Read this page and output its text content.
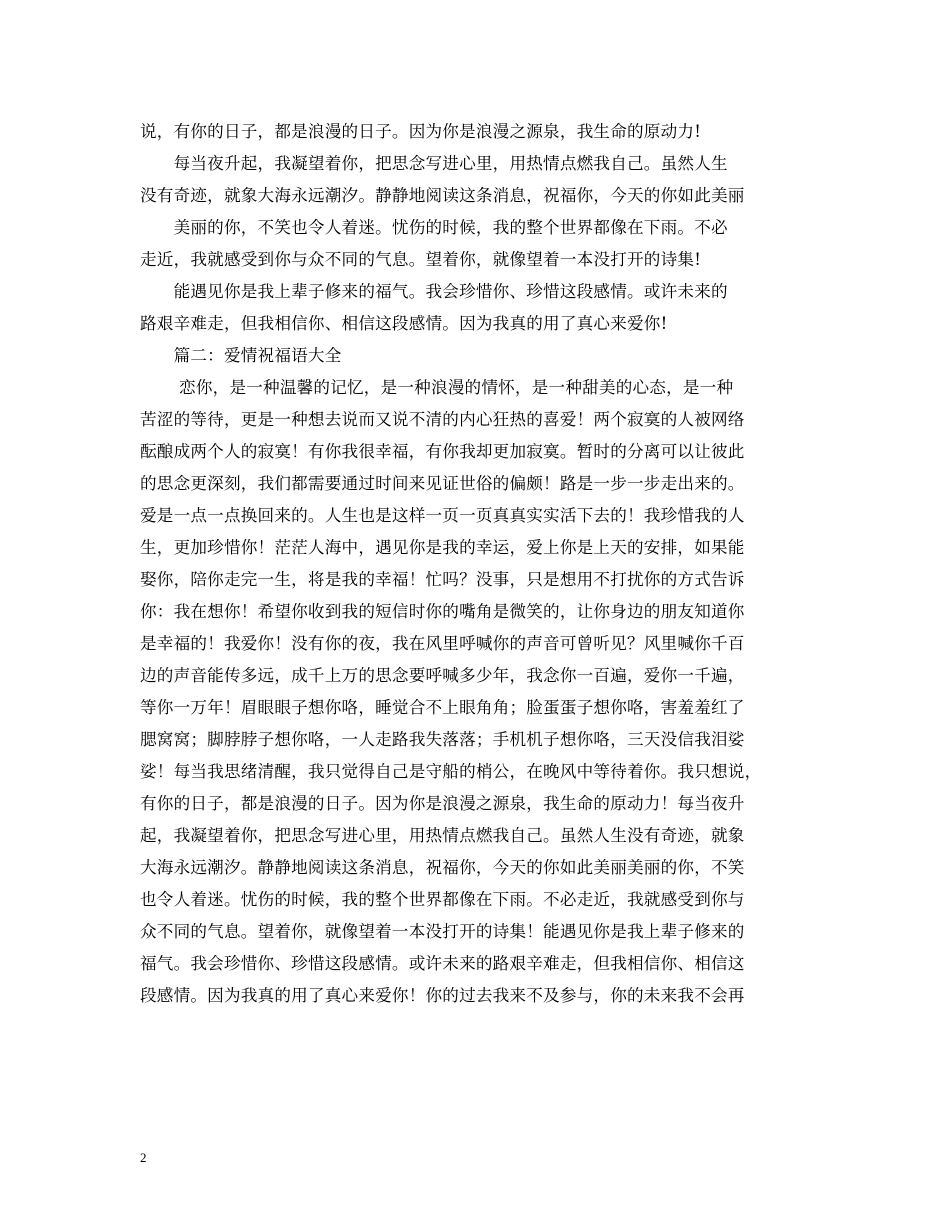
说，有你的日子，都是浪漫的日子。因为你是浪漫之源泉，我生命的原动力!
　　每当夜升起，我凝望着你，把思念写进心里，用热情点燃我自己。虽然人生
没有奇迹，就象大海永远潮汐。静静地阅读这条消息，祝福你，今天的你如此美丽
　　美丽的你，不笑也令人着迷。忧伤的时候，我的整个世界都像在下雨。不必
走近，我就感受到你与众不同的气息。望着你，就像望着一本没打开的诗集!
　　能遇见你是我上辈子修来的福气。我会珍惜你、珍惜这段感情。或许未来的
路艰辛难走，但我相信你、相信这段感情。因为我真的用了真心来爱你!
　　篇二：爱情祝福语大全
　　 恋你，是一种温馨的记忆，是一种浪漫的情怀，是一种甜美的心态，是一种
苦涩的等待，更是一种想去说而又说不清的内心狂热的喜爱！两个寂寞的人被网络
酝酿成两个人的寂寞！有你我很幸福，有你我却更加寂寞。暂时的分离可以让彼此
的思念更深刻，我们都需要通过时间来见证世俗的偏颇！路是一步一步走出来的。
爱是一点一点换回来的。人生也是这样一页一页真真实实活下去的！我珍惜我的人
生，更加珍惜你！茫茫人海中，遇见你是我的幸运，爱上你是上天的安排，如果能
娶你，陪你走完一生，将是我的幸福！忙吗？没事，只是想用不打扰你的方式告诉
你：我在想你！希望你收到我的短信时你的嘴角是微笑的，让你身边的朋友知道你
是幸福的！我爱你！没有你的夜，我在风里呼喊你的声音可曾听见？风里喊你千百
边的声音能传多远，成千上万的思念要呼喊多少年，我念你一百遍，爱你一千遍，
等你一万年！眉眼眼子想你咯，睡觉合不上眼角角；脸蛋蛋子想你咯，害羞羞红了
腮窝窝；脚脖脖子想你咯，一人走路我失落落；手机机子想你咯，三天没信我泪娑
娑！每当我思绪清醒，我只觉得自己是守船的梢公，在晚风中等待着你。我只想说，
有你的日子，都是浪漫的日子。因为你是浪漫之源泉，我生命的原动力！每当夜升
起，我凝望着你，把思念写进心里，用热情点燃我自己。虽然人生没有奇迹，就象
大海永远潮汐。静静地阅读这条消息，祝福你，今天的你如此美丽美丽的你，不笑
也令人着迷。忧伤的时候，我的整个世界都像在下雨。不必走近，我就感受到你与
众不同的气息。望着你，就像望着一本没打开的诗集！能遇见你是我上辈子修来的
福气。我会珍惜你、珍惜这段感情。或许未来的路艰辛难走，但我相信你、相信这
段感情。因为我真的用了真心来爱你！你的过去我来不及参与，你的未来我不会再
2
